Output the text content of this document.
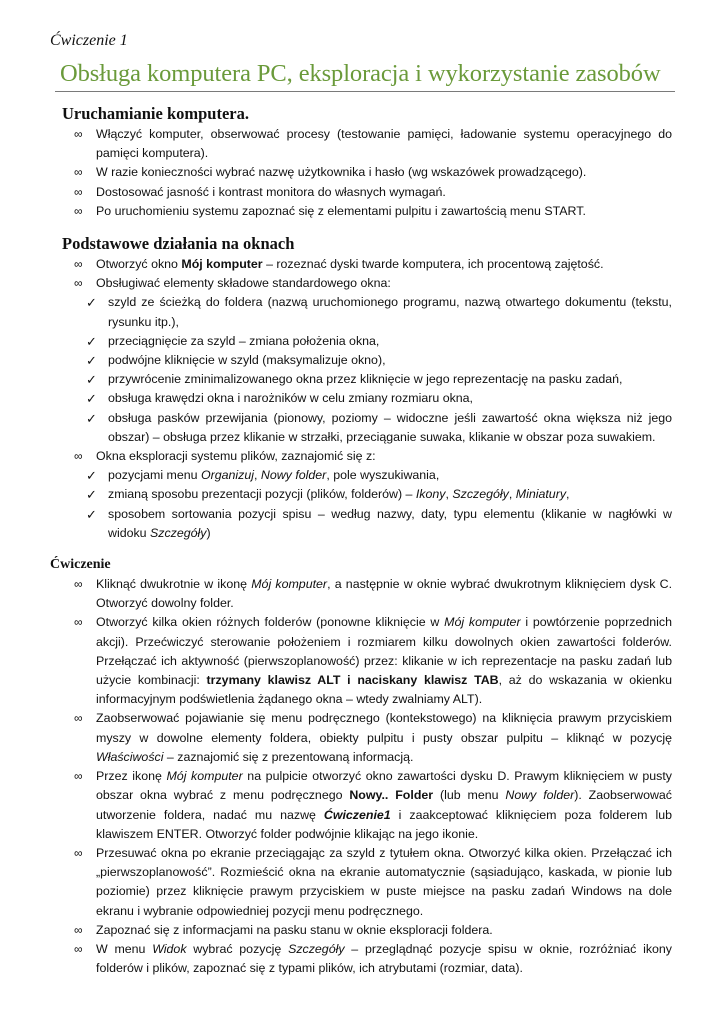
Ćwiczenie 1
Obsługa komputera PC, eksploracja i wykorzystanie zasobów
Uruchamianie komputera.
∞ Włączyć komputer, obserwować procesy (testowanie pamięci, ładowanie systemu operacyjnego do pamięci komputera).
∞ W razie konieczności wybrać nazwę użytkownika i hasło (wg wskazówek prowadzącego).
∞ Dostosować jasność i kontrast monitora do własnych wymagań.
∞ Po uruchomieniu systemu zapoznać się z elementami pulpitu i zawartością menu START.
Podstawowe działania na oknach
∞ Otworzyć okno Mój komputer – rozeznać dyski twarde komputera, ich procentową zajętość.
∞ Obsługiwać elementy składowe standardowego okna:
✓ szyld ze ścieżką do foldera (nazwą uruchomionego programu, nazwą otwartego dokumentu (tekstu, rysunku itp.),
✓ przeciągnięcie za szyld – zmiana położenia okna,
✓ podwójne kliknięcie w szyld (maksymalizuje okno),
✓ przywrócenie zminimalizowanego okna przez kliknięcie w jego reprezentację na pasku zadań,
✓ obsługa krawędzi okna i narożników w celu zmiany rozmiaru okna,
✓ obsługa pasków przewijania (pionowy, poziomy – widoczne jeśli zawartość okna większa niż jego obszar) – obsługa przez klikanie w strzałki, przeciąganie suwaka, klikanie w obszar poza suwakiem.
∞ Okna eksploracji systemu plików, zaznajomić się z:
✓ pozycjami menu Organizuj, Nowy folder, pole wyszukiwania,
✓ zmianą sposobu prezentacji pozycji (plików, folderów) – Ikony, Szczegóły, Miniatury,
✓ sposobem sortowania pozycji spisu – według nazwy, daty, typu elementu (klikanie w nagłówki w widoku Szczegóły)
Ćwiczenie
∞ Kliknąć dwukrotnie w ikonę Mój komputer, a następnie w oknie wybrać dwukrotnym kliknięciem dysk C. Otworzyć dowolny folder.
∞ Otworzyć kilka okien różnych folderów (ponowne kliknięcie w Mój komputer i powtórzenie poprzednich akcji). Przećwiczyć sterowanie położeniem i rozmiarem kilku dowolnych okien zawartości folderów. Przełączać ich aktywność (pierwszoplanowość) przez: klikanie w ich reprezentacje na pasku zadań lub użycie kombinacji: trzymany klawisz ALT i naciskany klawisz TAB, aż do wskazania w okienku informacyjnym podświetlenia żądanego okna – wtedy zwalniamy ALT).
∞ Zaobserwować pojawianie się menu podręcznego (kontekstowego) na kliknięcia prawym przyciskiem myszy w dowolne elementy foldera, obiekty pulpitu i pusty obszar pulpitu – kliknąć w pozycję Właściwości – zaznajomić się z prezentowaną informacją.
∞ Przez ikonę Mój komputer na pulpicie otworzyć okno zawartości dysku D. Prawym kliknięciem w pusty obszar okna wybrać z menu podręcznego Nowy.. Folder (lub menu Nowy folder). Zaobserwować utworzenie foldera, nadać mu nazwę Ćwiczenie1 i zaakceptować kliknięciem poza folderem lub klawiszem ENTER. Otworzyć folder podwójnie klikając na jego ikonie.
∞ Przesuwać okna po ekranie przeciągając za szyld z tytułem okna. Otworzyć kilka okien. Przełączać ich „pierwszoplanowość”. Rozmieścić okna na ekranie automatycznie (sąsiadująco, kaskada, w pionie lub poziomie) przez kliknięcie prawym przyciskiem w puste miejsce na pasku zadań Windows na dole ekranu i wybranie odpowiedniej pozycji menu podręcznego.
∞ Zapoznać się z informacjami na pasku stanu w oknie eksploracji foldera.
∞ W menu Widok wybrać pozycję Szczegóły – przeglądnąć pozycje spisu w oknie, rozróżniać ikony folderów i plików, zapoznać się z typami plików, ich atrybutami (rozmiar, data).
